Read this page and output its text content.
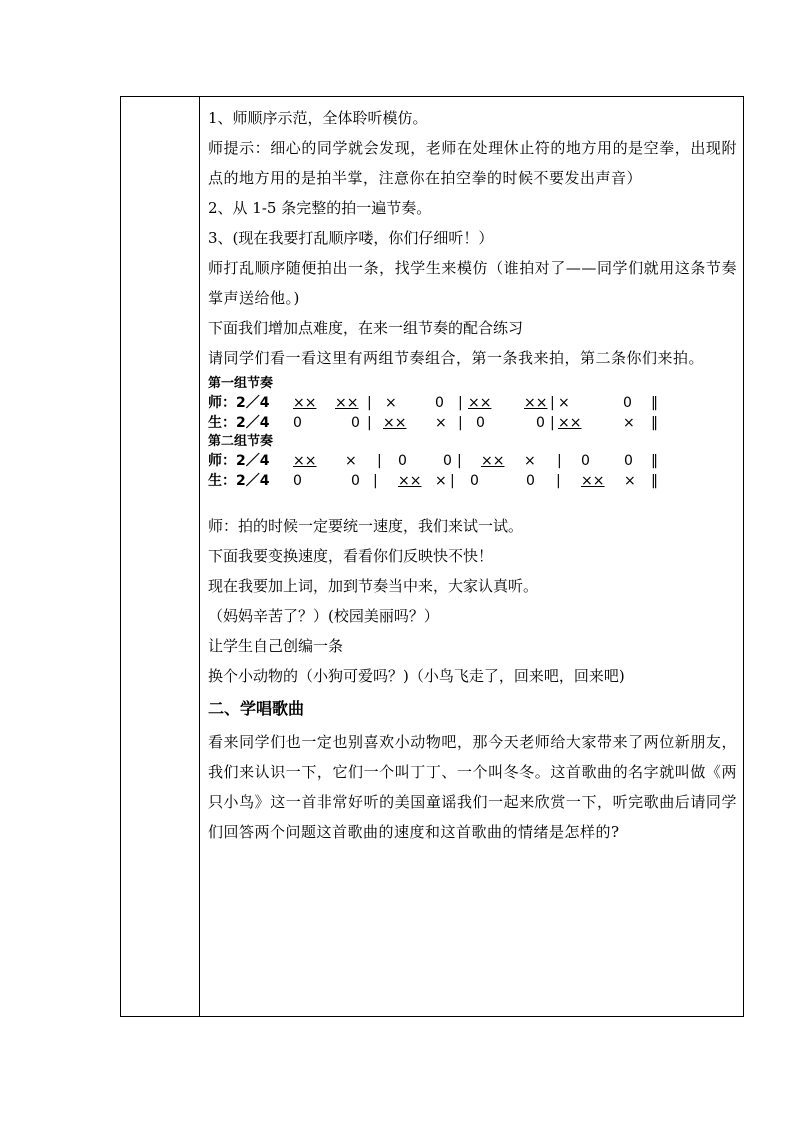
1、师顺序示范，全体聆听模仿。

师提示：细心的同学就会发现，老师在处理休止符的地方用的是空拳，出现附点的地方用的是拍半掌，注意你在拍空拳的时候不要发出声音）

2、从 1-5 条完整的拍一遍节奏。

3、(现在我要打乱顺序喽，你们仔细听！）

师打乱顺序随便拍出一条，找学生来模仿（谁拍对了——同学们就用这条节奏掌声送给他。)

下面我们增加点难度，在来一组节奏的配合练习

请同学们看一看这里有两组节奏组合，第一条我来拍，第二条你们来拍。

第一组节奏
师：2／4 ×× ×× | ×	0 | ×× ×× | ×	0 ‖
生：2／4 0	0 | ×× × | 0	0 | ××	× ‖
第二组节奏
师：2／4 ×× × | 0	0 | ×× × | 0 0 ‖
生：2／4 0	0 | ×× × | 0	0 | ×× × ‖

师：拍的时候一定要统一速度，我们来试一试。

下面我要变换速度，看看你们反映快不快！

现在我要加上词，加到节奏当中来，大家认真听。

（妈妈辛苦了？）(校园美丽吗？）

让学生自己创编一条

换个小动物的（小狗可爱吗？)（小鸟飞走了，回来吧，回来吧)

二、学唱歌曲

看来同学们也一定也别喜欢小动物吧，那今天老师给大家带来了两位新朋友，我们来认识一下，它们一个叫丁丁、一个叫冬冬。这首歌曲的名字就叫做《两只小鸟》这一首非常好听的美国童谣我们一起来欣赏一下，听完歌曲后请同学们回答两个问题这首歌曲的速度和这首歌曲的情绪是怎样的?
